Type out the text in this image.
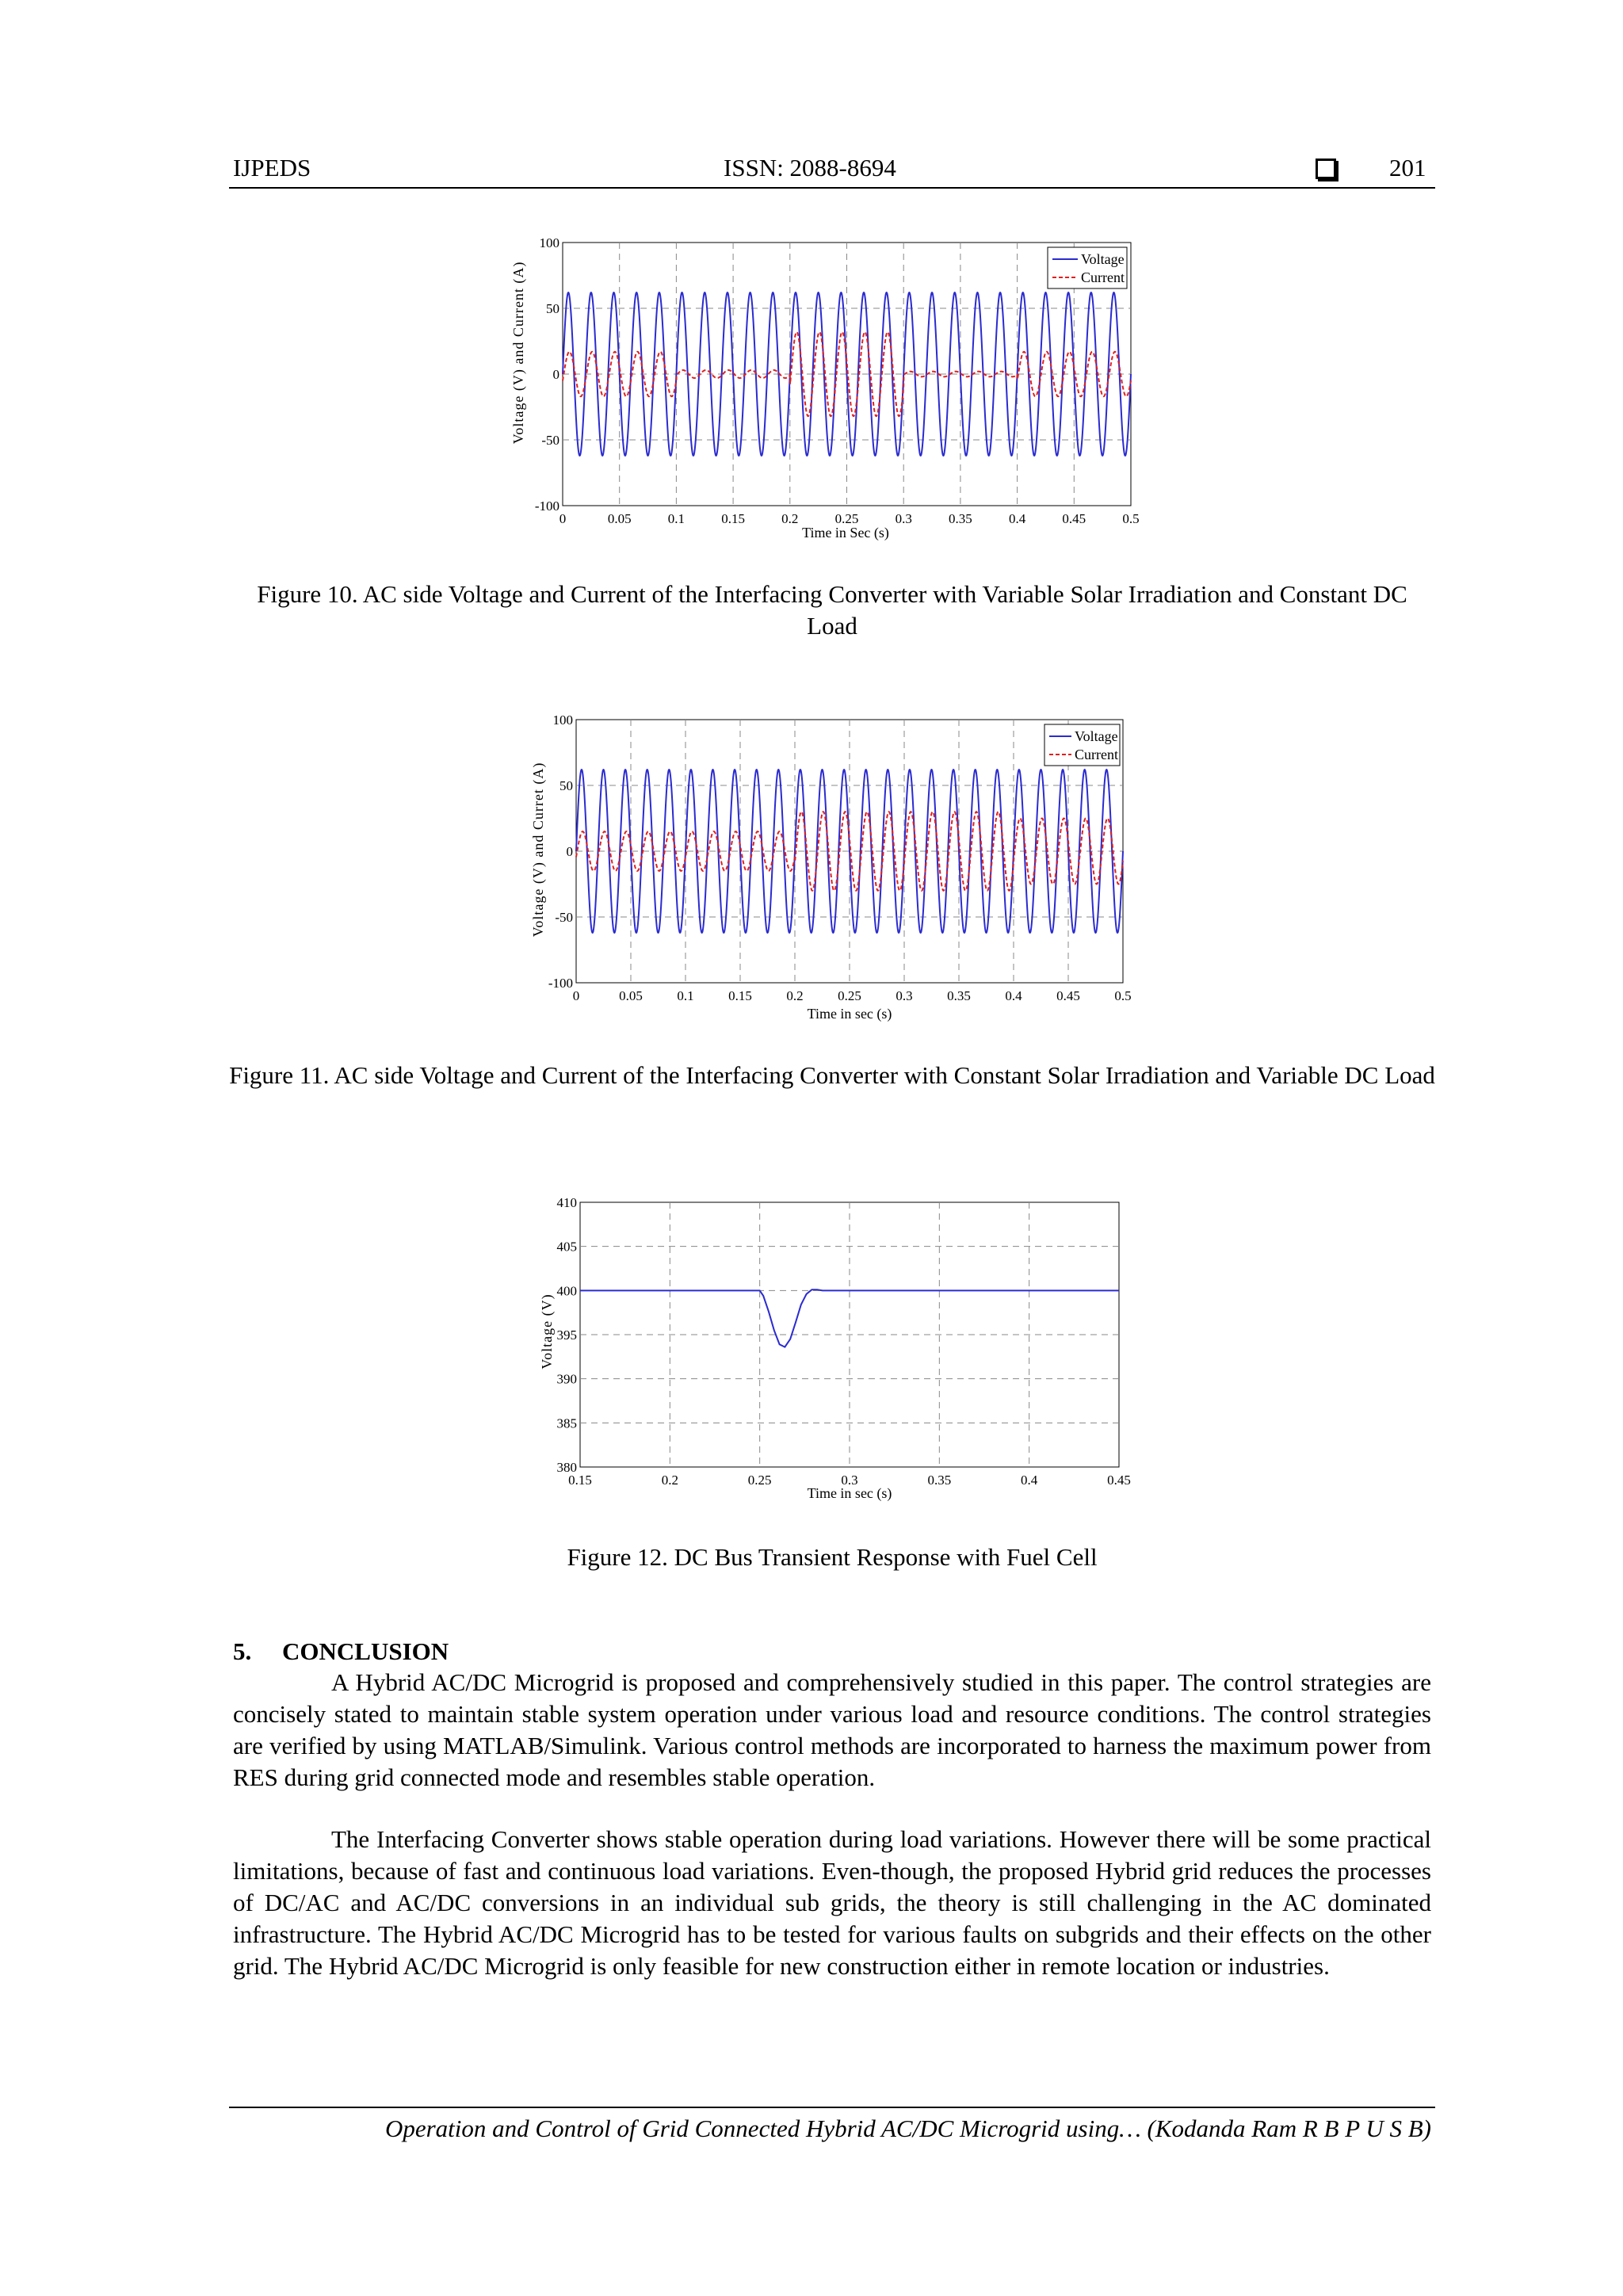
IJPEDS	ISSN: 2088-8694	201
0	0.05	0.1	0.15	0.2	0.25	0.3	0.35	0.4	0.45	0.5
100
50
0
-50
-100
Voltage (V) and Current (A)
Time in Sec (s)
Voltage
Current
Figure 10. AC side Voltage and Current of the Interfacing Converter with Variable Solar Irradiation and Constant DC Load
0	0.05	0.1	0.15	0.2	0.25	0.3	0.35	0.4	0.45	0.5
100
50
0
-50
-100
Voltage (V) and Curret (A)
Time in sec (s)
Voltage
Current
Figure 11. AC side Voltage and Current of the Interfacing Converter with Constant Solar Irradiation and Variable DC Load
0.15	0.2	0.25	0.3	0.35	0.4	0.45
410
405
400
395
390
385
380
Voltage (V)
Time in sec (s)
Figure 12. DC Bus Transient Response with Fuel Cell
5. CONCLUSION

A Hybrid AC/DC Microgrid is proposed and comprehensively studied in this paper. The control strategies are concisely stated to maintain stable system operation under various load and resource conditions. The control strategies are verified by using MATLAB/Simulink. Various control methods are incorporated to harness the maximum power from RES during grid connected mode and resembles stable operation.

The Interfacing Converter shows stable operation during load variations. However there will be some practical limitations, because of fast and continuous load variations. Even-though, the proposed Hybrid grid reduces the processes of DC/AC and AC/DC conversions in an individual sub grids, the theory is still challenging in the AC dominated infrastructure. The Hybrid AC/DC Microgrid has to be tested for various faults on subgrids and their effects on the other grid. The Hybrid AC/DC Microgrid is only feasible for new construction either in remote location or industries.

Operation and Control of Grid Connected Hybrid AC/DC Microgrid using… (Kodanda Ram R B P U S B)
